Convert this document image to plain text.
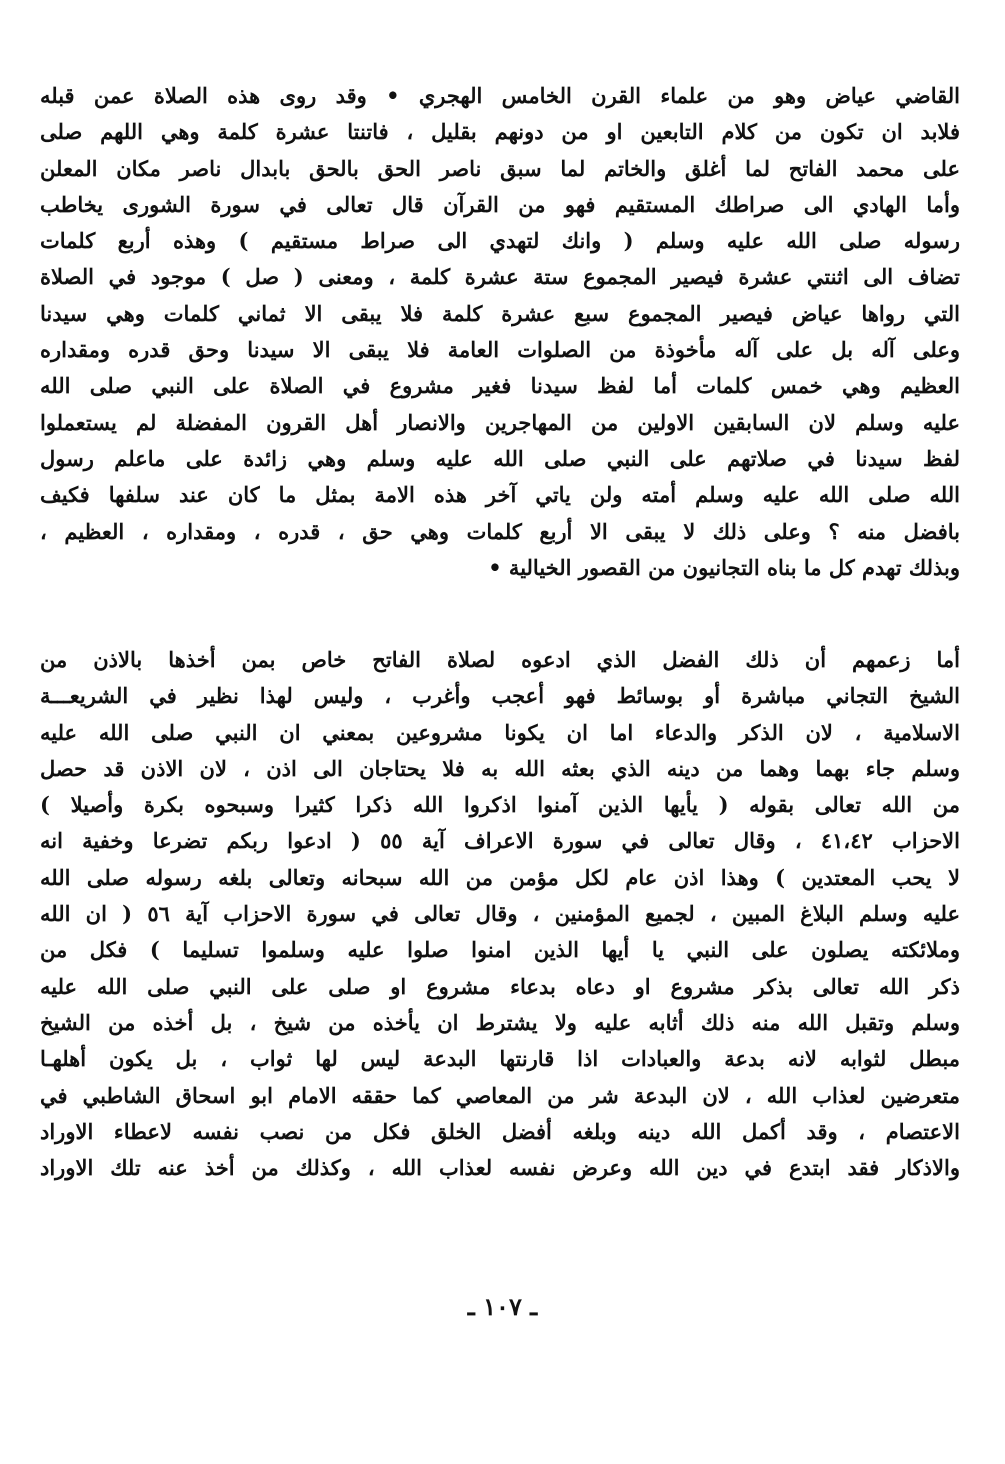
القاضي عياض وهو من علماء القرن الخامس الهجري • وقد روى هذه الصلاة عمن قبله
فلابد ان تكون من كلام التابعين او من دونهم بقليل ، فاتنتا عشرة كلمة وهي اللهم صلى
على محمد الفاتح لما أغلق والخاتم لما سبق ناصر الحق بالحق بابدال ناصر مكان المعلن
وأما الهادي الى صراطك المستقيم فهو من القرآن قال تعالى في سورة الشورى يخاطب
رسوله صلى الله عليه وسلم ( وانك لتهدي الى صراط مستقيم ) وهذه أربع كلمات
تضاف الى اثنتي عشرة فيصير المجموع ستة عشرة كلمة ، ومعنى ( صل ) موجود في الصلاة
التي رواها عياض فيصير المجموع سبع عشرة كلمة فلا يبقى الا ثماني كلمات وهي سيدنا
وعلى آله بل على آله مأخوذة من الصلوات العامة فلا يبقى الا سيدنا وحق قدره ومقداره
العظيم وهي خمس كلمات أما لفظ سيدنا فغير مشروع في الصلاة على النبي صلى الله
عليه وسلم لان السابقين الاولين من المهاجرين والانصار أهل القرون المفضلة لم يستعملوا
لفظ سيدنا في صلاتهم على النبي صلى الله عليه وسلم وهي زائدة على ماعلم رسول
الله صلى الله عليه وسلم أمته ولن ياتي آخر هذه الامة بمثل ما كان عند سلفها فكيف
بافضل منه ؟ وعلى ذلك لا يبقى الا أربع كلمات وهي حق ، قدره ، ومقداره ، العظيم ،
وبذلك تهدم كل ما بناه التجانيون من القصور الخيالية •
أما زعمهم أن ذلك الفضل الذي ادعوه لصلاة الفاتح خاص بمن أخذها بالاذن من
الشيخ التجاني مباشرة أو بوسائط فهو أعجب وأغرب ، وليس لهذا نظير في الشريعـــة
الاسلامية ، لان الذكر والدعاء اما ان يكونا مشروعين بمعني ان النبي صلى الله عليه
وسلم جاء بهما وهما من دينه الذي بعثه الله به فلا يحتاجان الى اذن ، لان الاذن قد حصل
من الله تعالى بقوله ( يأيها الذين آمنوا اذكروا الله ذكرا كثيرا وسبحوه بكرة وأصيلا )
الاحزاب ٤١،٤٢ ، وقال تعالى في سورة الاعراف آية ٥٥ ( ادعوا ربكم تضرعا وخفية انه
لا يحب المعتدين ) وهذا اذن عام لكل مؤمن من الله سبحانه وتعالى بلغه رسوله صلى الله
عليه وسلم البلاغ المبين ، لجميع المؤمنين ، وقال تعالى في سورة الاحزاب آية ٥٦ ( ان الله
وملائكته يصلون على النبي يا أيها الذين امنوا صلوا عليه وسلموا تسليما ) فكل من
ذكر الله تعالى بذكر مشروع او دعاه بدعاء مشروع او صلى على النبي صلى الله عليه
وسلم وتقبل الله منه ذلك أثابه عليه ولا يشترط ان يأخذه من شيخ ، بل أخذه من الشيخ
مبطل لثوابه لانه بدعة والعبادات اذا قارنتها البدعة ليس لها ثواب ، بل يكون أهلهـا
متعرضين لعذاب الله ، لان البدعة شر من المعاصي كما حققه الامام ابو اسحاق الشاطبي في
الاعتصام ، وقد أكمل الله دينه وبلغه أفضل الخلق فكل من نصب نفسه لاعطاء الاوراد
والاذكار فقد ابتدع في دين الله وعرض نفسه لعذاب الله ، وكذلك من أخذ عنه تلك الاوراد
ـ ١٠٧ ـ
